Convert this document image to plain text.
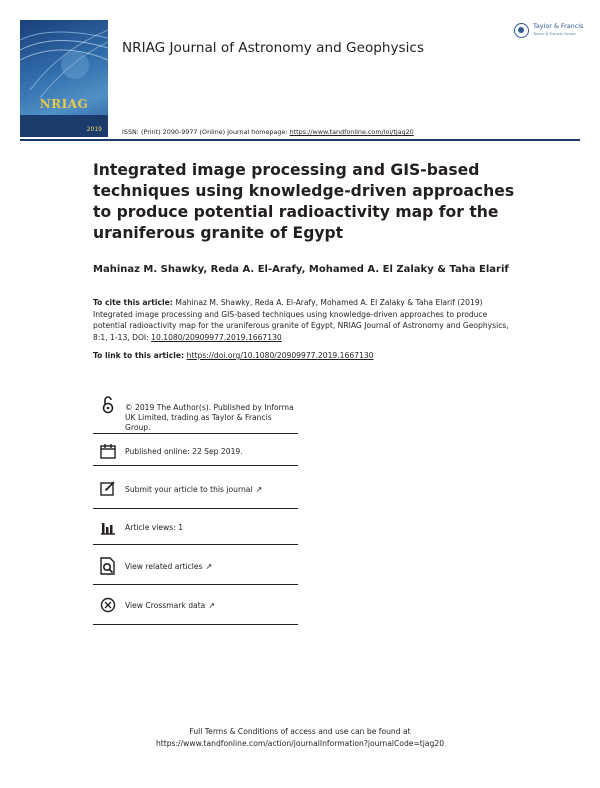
NRIAG
2019
Taylor & Francis
Taylor & Francis Group
NRIAG Journal of Astronomy and Geophysics
ISSN: (Print) 2090-9977 (Online) Journal homepage: https://www.tandfonline.com/loi/tjag20
Integrated image processing and GIS-based techniques using knowledge-driven approaches to produce potential radioactivity map for the uraniferous granite of Egypt
Mahinaz M. Shawky, Reda A. El-Arafy, Mohamed A. El Zalaky & Taha Elarif
To cite this article: Mahinaz M. Shawky, Reda A. El-Arafy, Mohamed A. El Zalaky & Taha Elarif (2019) Integrated image processing and GIS-based techniques using knowledge-driven approaches to produce potential radioactivity map for the uraniferous granite of Egypt, NRIAG Journal of Astronomy and Geophysics, 8:1, 1-13, DOI: 10.1080/20909977.2019.1667130
To link to this article: https://doi.org/10.1080/20909977.2019.1667130
© 2019 The Author(s). Published by Informa UK Limited, trading as Taylor & Francis Group.
Published online: 22 Sep 2019.
Submit your article to this journal ↗
Article views: 1
View related articles ↗
View Crossmark data ↗
Full Terms & Conditions of access and use can be found at
https://www.tandfonline.com/action/journalInformation?journalCode=tjag20
